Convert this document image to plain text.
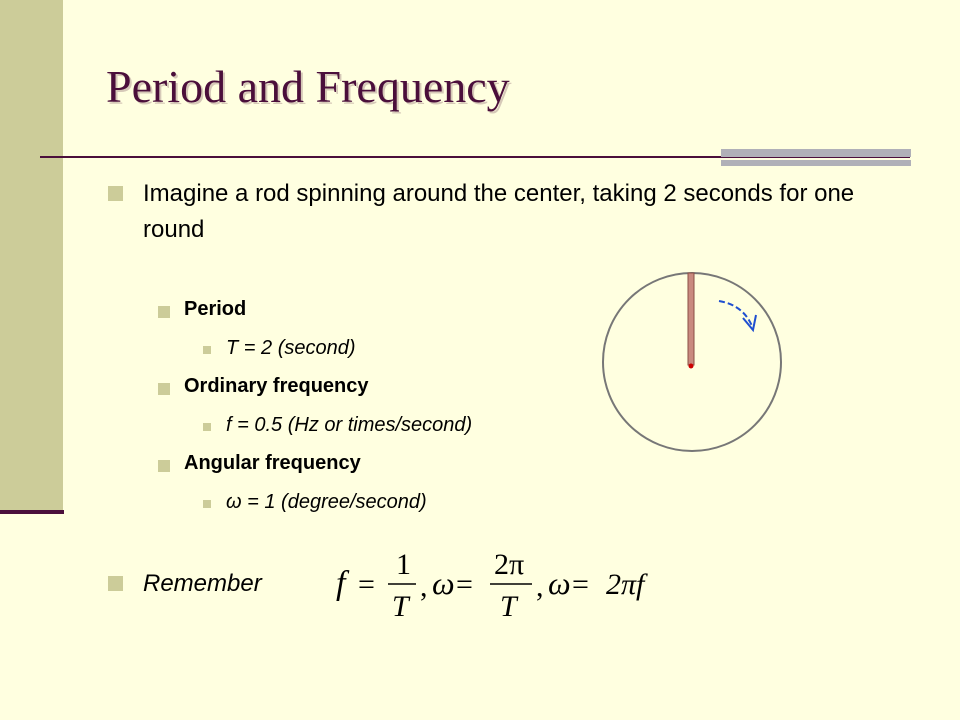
Period and Frequency
Imagine a rod spinning around the center, taking 2 seconds for one round
Period
T = 2 (second)
Ordinary frequency
f = 0.5 (Hz or times/second)
Angular frequency
ω = 1 (degree/second)
Remember f =
1
T
, ω =
2π
T
, ω = 2πf
